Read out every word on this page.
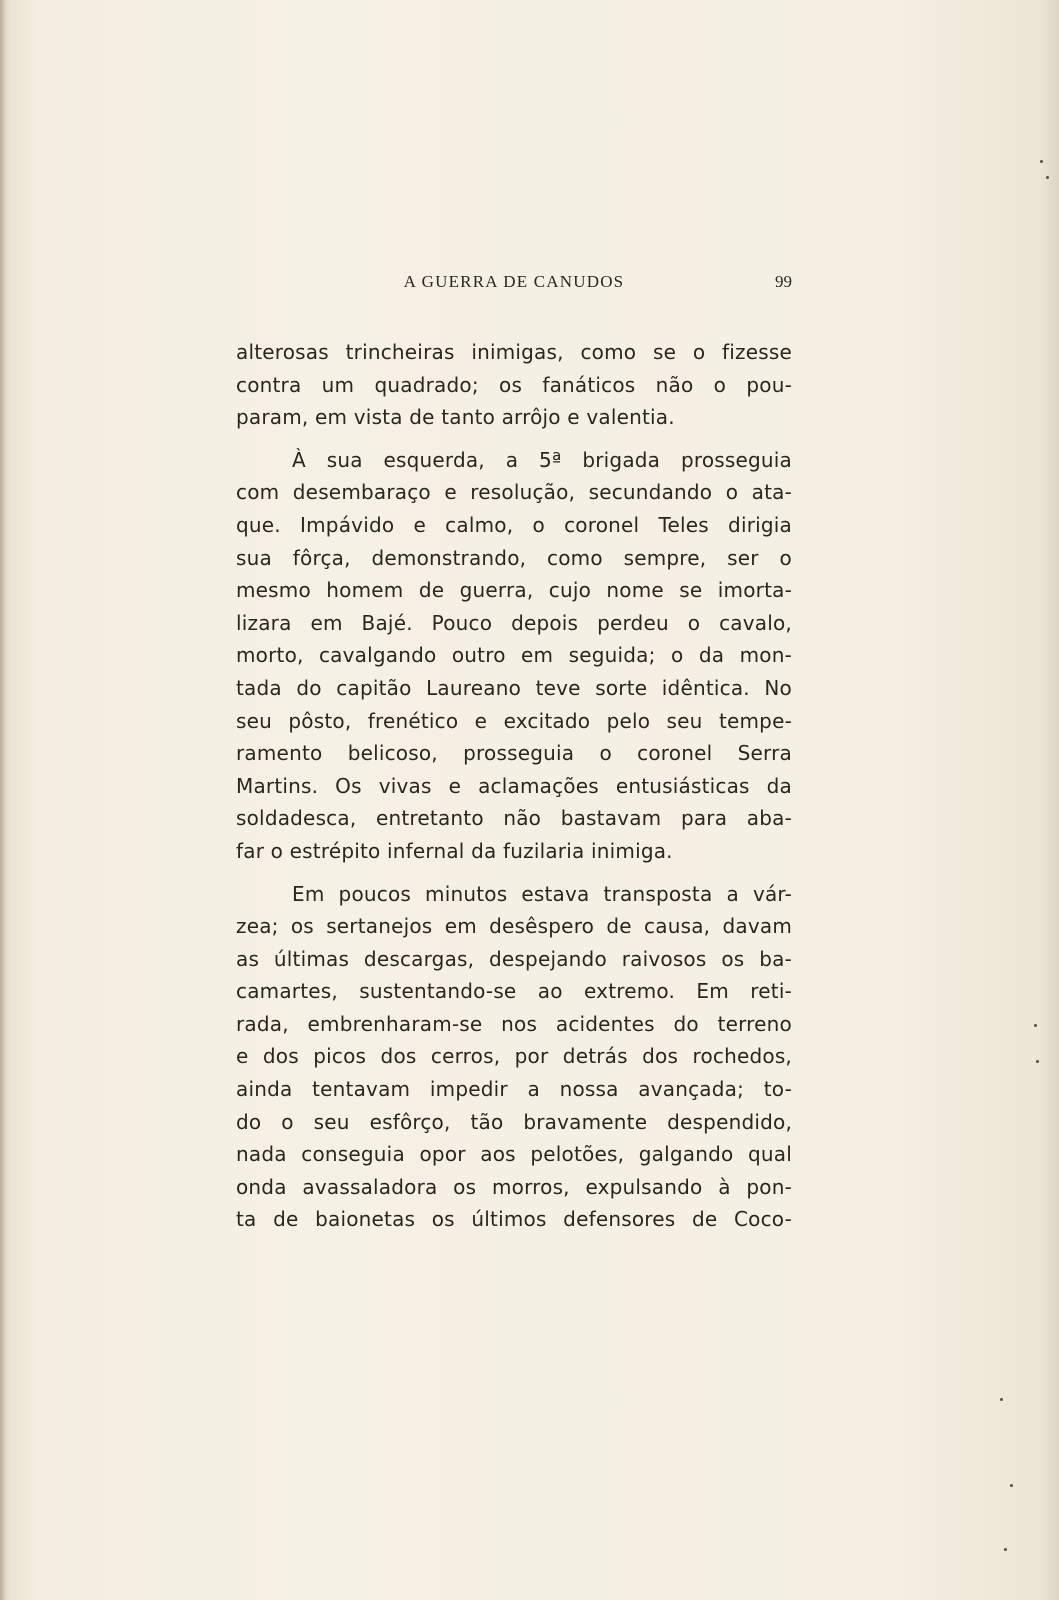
A GUERRA DE CANUDOS	99
alterosas trincheiras inimigas, como se o fizesse
contra um quadrado; os fanáticos não o pou-
param, em vista de tanto arrôjo e valentia.
À sua esquerda, a 5ª brigada prosseguia
com desembaraço e resolução, secundando o ata-
que. Impávido e calmo, o coronel Teles dirigia
sua fôrça, demonstrando, como sempre, ser o
mesmo homem de guerra, cujo nome se imorta-
lizara em Bajé. Pouco depois perdeu o cavalo,
morto, cavalgando outro em seguida; o da mon-
tada do capitão Laureano teve sorte idêntica. No
seu pôsto, frenético e excitado pelo seu tempe-
ramento belicoso, prosseguia o coronel Serra
Martins. Os vivas e aclamações entusiásticas da
soldadesca, entretanto não bastavam para aba-
far o estrépito infernal da fuzilaria inimiga.
Em poucos minutos estava transposta a vár-
zea; os sertanejos em desêspero de causa, davam
as últimas descargas, despejando raivosos os ba-
camartes, sustentando-se ao extremo. Em reti-
rada, embrenharam-se nos acidentes do terreno
e dos picos dos cerros, por detrás dos rochedos,
ainda tentavam impedir a nossa avançada; to-
do o seu esfôrço, tão bravamente despendido,
nada conseguia opor aos pelotões, galgando qual
onda avassaladora os morros, expulsando à pon-
ta de baionetas os últimos defensores de Coco-
